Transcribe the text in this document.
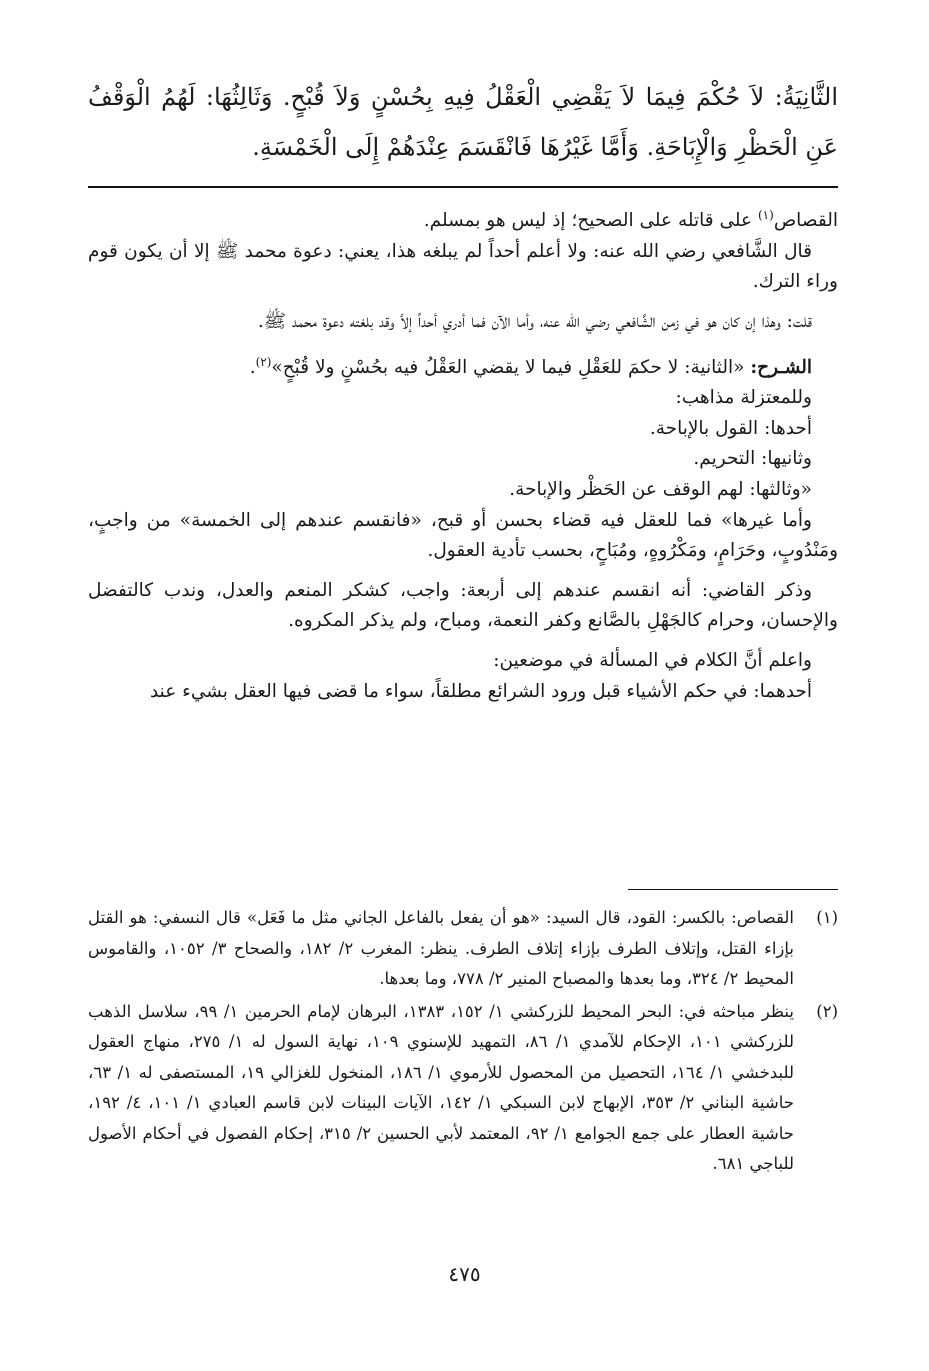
الثَّانِيَةُ: لاَ حُكْمَ فِيمَا لاَ يَقْضِي الْعَقْلُ فِيهِ بِحُسْنٍ وَلاَ قُبْحٍ. وَثَالِثُهَا: لَهُمُ الْوَقْفُ عَنِ الْحَظْرِ وَالْإِبَاحَةِ. وَأَمَّا غَيْرُهَا فَانْقَسَمَ عِنْدَهُمْ إِلَى الْخَمْسَةِ.

القصاص$^{(١)}$ على قاتله على الصحيح؛ إذ ليس هو بمسلم.

قال الشَّافعي رضي الله عنه: ولا أعلم أحداً لم يبلغه هذا، يعني: دعوة محمد ﷺ إلا أن يكون قوم وراء الترك.

قلت: وهذا إن كان هو في زمن الشَّافعي رضي الله عنه، وأما الآن فما أدري أحداً إلاَّ وقد بلغته دعوة محمد ﷺ.

الشـرح: «الثانية: لا حكمَ للعَقْلِ فيما لا يقضي العَقْلُ فيه بحُسْنٍ ولا قُبْحٍ»$^{(٢)}$.

وللمعتزلة مذاهب:

أحدها: القول بالإباحة.

وثانيها: التحريم.

«وثالثها: لهم الوقف عن الحَظْر والإباحة.

وأما غيرها» فما للعقل فيه قضاء بحسن أو قبح، «فانقسم عندهم إلى الخمسة» من واجبٍ، ومَنْدُوبٍ، وحَرَامٍ، ومَكْرُوهٍ، ومُبَاحٍ، بحسب تأدية العقول.

وذكر القاضي: أنه انقسم عندهم إلى أربعة: واجب، كشكر المنعم والعدل، وندب كالتفضل والإحسان، وحرام كالجَهْلِ بالصَّانع وكفر النعمة، ومباح، ولم يذكر المكروه.

واعلم أنَّ الكلام في المسألة في موضعين:

أحدهما: في حكم الأشياء قبل ورود الشرائع مطلقاً، سواء ما قضى فيها العقل بشيء عند

(١)
القصاص: بالكسر: القود، قال السيد: «هو أن يفعل بالفاعل الجاني مثل ما فَعَل» قال النسفي: هو القتل بإزاء القتل، وإتلاف الطرف بإزاء إتلاف الطرف. ينظر: المغرب ٢/ ١٨٢، والصحاح ٣/ ١٠٥٢، والقاموس المحيط ٢/ ٣٢٤، وما بعدها والمصباح المنير ٢/ ٧٧٨، وما بعدها.
(٢)
ينظر مباحثه في: البحر المحيط للزركشي ١/ ١٥٢، ١٣٨٣، البرهان لإمام الحرمين ١/ ٩٩، سلاسل الذهب للزركشي ١٠١، الإحكام للآمدي ١/ ٨٦، التمهيد للإسنوي ١٠٩، نهاية السول له ١/ ٢٧٥، منهاج العقول للبدخشي ١/ ١٦٤، التحصيل من المحصول للأرموي ١/ ١٨٦، المنخول للغزالي ١٩، المستصفى له ١/ ٦٣، حاشية البناني ٢/ ٣٥٣، الإبهاج لابن السبكي ١/ ١٤٢، الآيات البينات لابن قاسم العبادي ١/ ١٠١، ٤/ ١٩٢، حاشية العطار على جمع الجوامع ١/ ٩٢، المعتمد لأبي الحسين ٢/ ٣١٥، إحكام الفصول في أحكام الأصول للباجي ٦٨١.
٤٧٥
